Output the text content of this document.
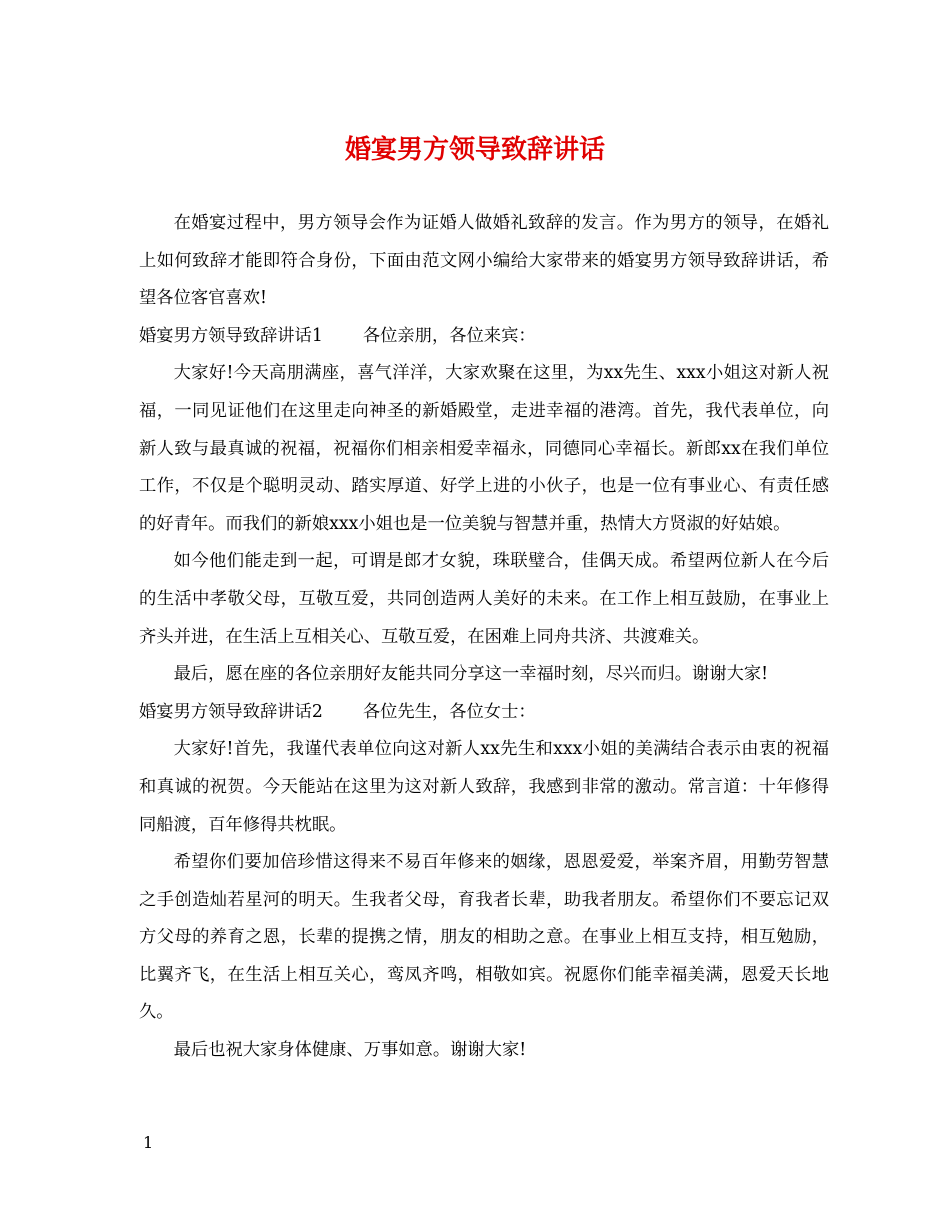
婚宴男方领导致辞讲话

在婚宴过程中，男方领导会作为证婚人做婚礼致辞的发言。作为男方的领导，在婚礼上如何致辞才能即符合身份，下面由范文网小编给大家带来的婚宴男方领导致辞讲话，希望各位客官喜欢!

婚宴男方领导致辞讲话1 各位亲朋，各位来宾：

大家好!今天高朋满座，喜气洋洋，大家欢聚在这里，为xx先生、xxx小姐这对新人祝福，一同见证他们在这里走向神圣的新婚殿堂，走进幸福的港湾。首先，我代表单位，向新人致与最真诚的祝福，祝福你们相亲相爱幸福永，同德同心幸福长。新郎xx在我们单位工作，不仅是个聪明灵动、踏实厚道、好学上进的小伙子，也是一位有事业心、有责任感的好青年。而我们的新娘xxx小姐也是一位美貌与智慧并重，热情大方贤淑的好姑娘。

如今他们能走到一起，可谓是郎才女貌，珠联璧合，佳偶天成。希望两位新人在今后的生活中孝敬父母，互敬互爱，共同创造两人美好的未来。在工作上相互鼓励，在事业上齐头并进，在生活上互相关心、互敬互爱，在困难上同舟共济、共渡难关。

最后，愿在座的各位亲朋好友能共同分享这一幸福时刻，尽兴而归。谢谢大家!

婚宴男方领导致辞讲话2 各位先生，各位女士：

大家好!首先，我谨代表单位向这对新人xx先生和xxx小姐的美满结合表示由衷的祝福和真诚的祝贺。今天能站在这里为这对新人致辞，我感到非常的激动。常言道：十年修得同船渡，百年修得共枕眠。

希望你们要加倍珍惜这得来不易百年修来的姻缘，恩恩爱爱，举案齐眉，用勤劳智慧之手创造灿若星河的明天。生我者父母，育我者长辈，助我者朋友。希望你们不要忘记双方父母的养育之恩，长辈的提携之情，朋友的相助之意。在事业上相互支持，相互勉励，比翼齐飞，在生活上相互关心，鸾凤齐鸣，相敬如宾。祝愿你们能幸福美满，恩爱天长地久。

最后也祝大家身体健康、万事如意。谢谢大家!

1
